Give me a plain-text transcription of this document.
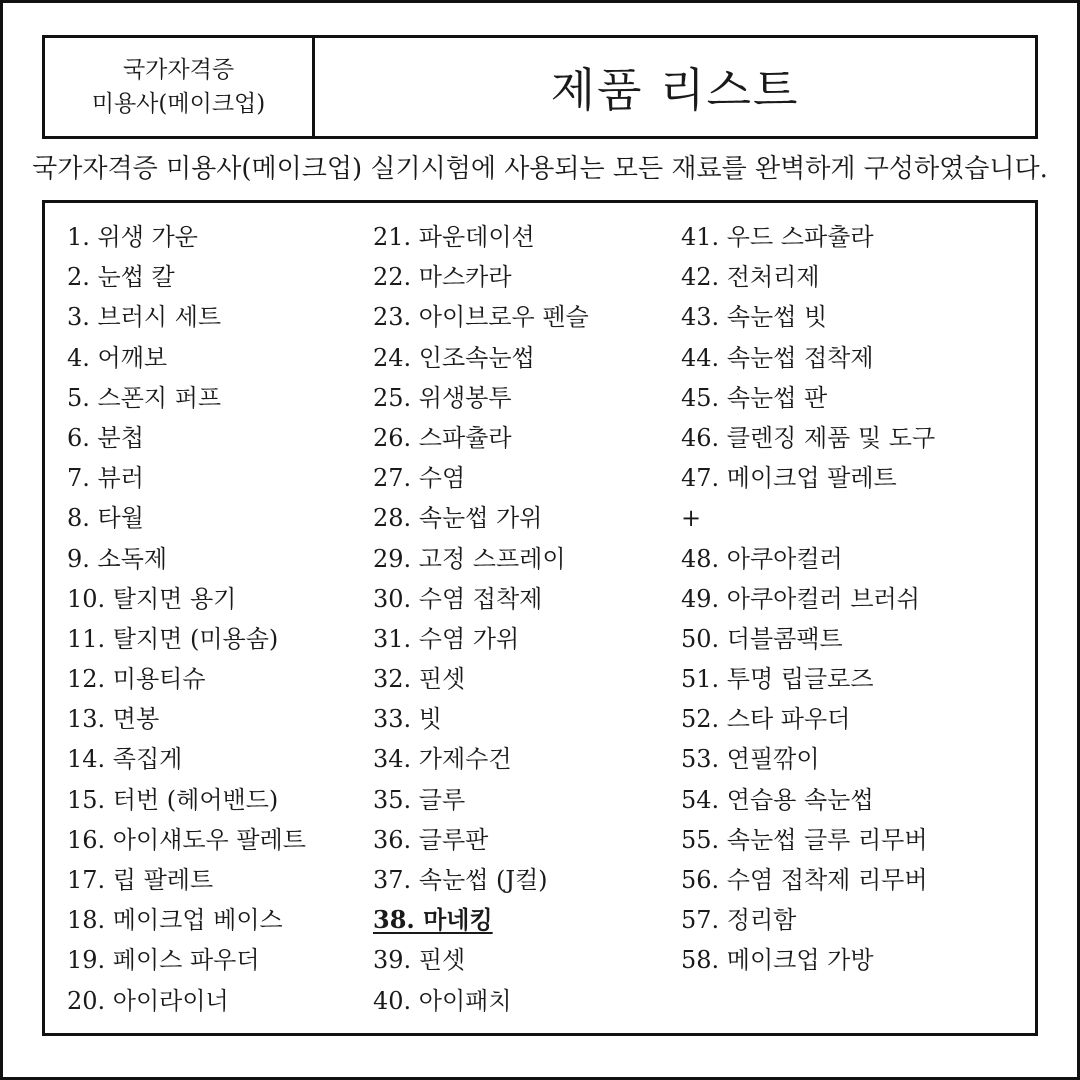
국가자격증
미용사(메이크업)	제품 리스트
국가자격증 미용사(메이크업) 실기시험에 사용되는 모든 재료를 완벽하게 구성하였습니다.
1. 위생 가운
2. 눈썹 칼
3. 브러시 세트
4. 어깨보
5. 스폰지 퍼프
6. 분첩
7. 뷰러
8. 타월
9. 소독제
10. 탈지면 용기
11. 탈지면 (미용솜)
12. 미용티슈
13. 면봉
14. 족집게
15. 터번 (헤어밴드)
16. 아이섀도우 팔레트
17. 립 팔레트
18. 메이크업 베이스
19. 페이스 파우더
20. 아이라이너
21. 파운데이션
22. 마스카라
23. 아이브로우 펜슬
24. 인조속눈썹
25. 위생봉투
26. 스파츌라
27. 수염
28. 속눈썹 가위
29. 고정 스프레이
30. 수염 접착제
31. 수염 가위
32. 핀셋
33. 빗
34. 가제수건
35. 글루
36. 글루판
37. 속눈썹 (J컬)
38. 마네킹
39. 핀셋
40. 아이패치
41. 우드 스파츌라
42. 전처리제
43. 속눈썹 빗
44. 속눈썹 접착제
45. 속눈썹 판
46. 클렌징 제품 및 도구
47. 메이크업 팔레트
+
48. 아쿠아컬러
49. 아쿠아컬러 브러쉬
50. 더블콤팩트
51. 투명 립글로즈
52. 스타 파우더
53. 연필깎이
54. 연습용 속눈썹
55. 속눈썹 글루 리무버
56. 수염 접착제 리무버
57. 정리함
58. 메이크업 가방
